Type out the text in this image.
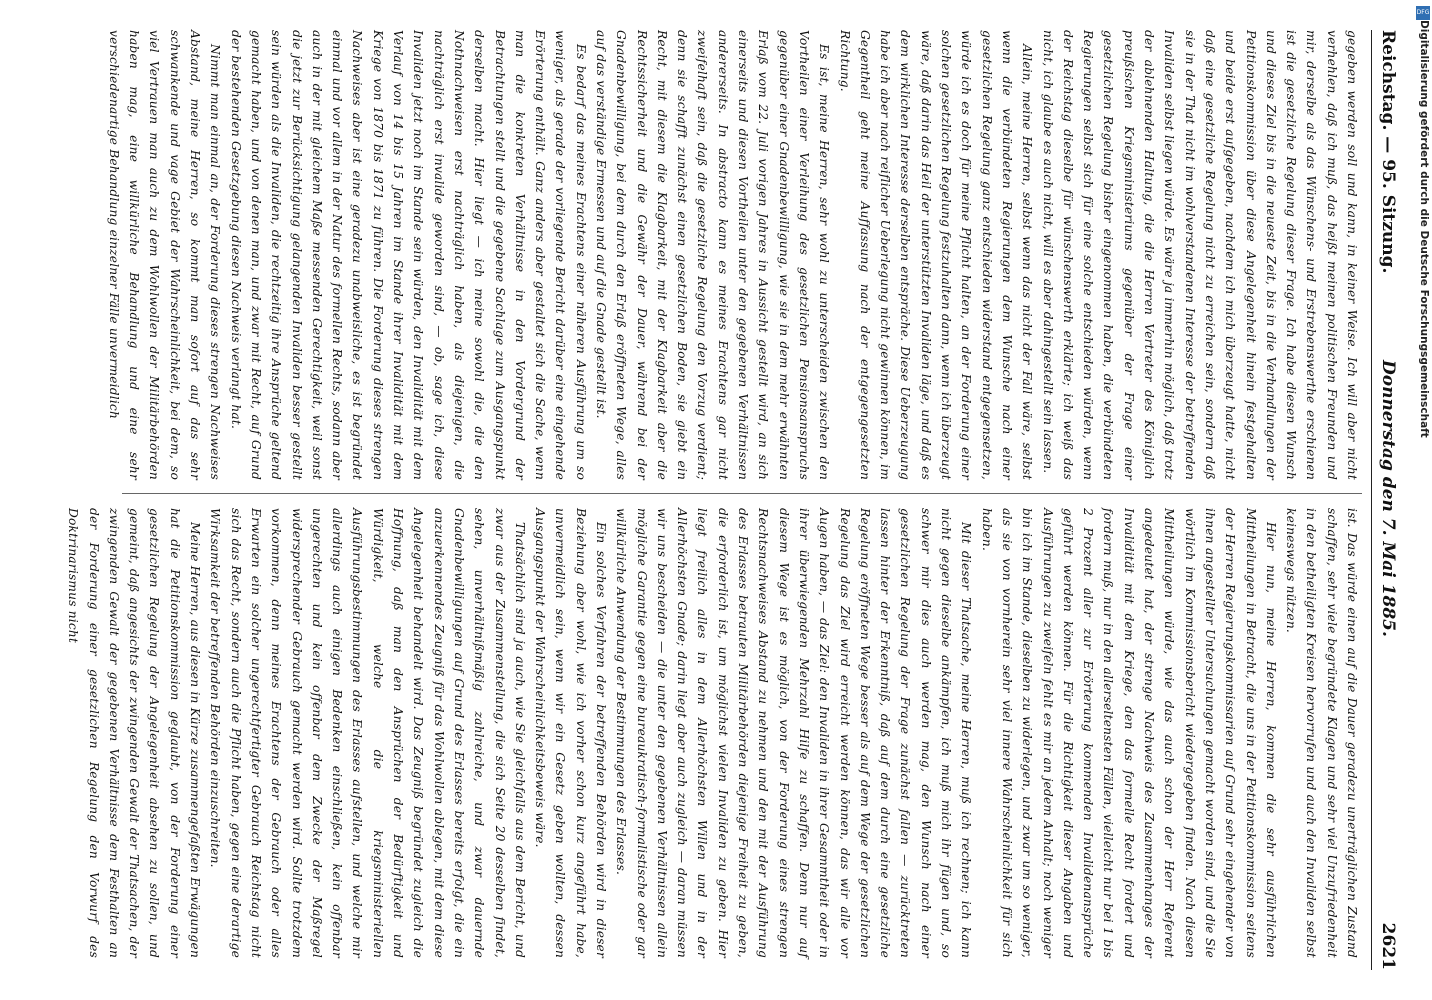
DFG
Digitalisierung gefördert durch die Deutsche Forschungsgemeinschaft
Reichstag. — 95. Sitzung.
Donnerstag den 7. Mai 1885.
2621

gegeben werden soll und kann, in keiner Weise. Ich will aber nicht verhehlen, daß ich muß, das heißt meinen politischen Freunden und mir, derselbe als das Wünschens- und Erstrebenswerthe erschienen ist die gesetzliche Regelung dieser Frage. Ich habe diesen Wunsch und dieses Ziel bis in die neueste Zeit, bis in die Verhandlungen der Petitionskommission über diese Angelegenheit hinein festgehalten und beide erst aufgegeben, nachdem ich mich überzeugt hatte, nicht daß eine gesetzliche Regelung nicht zu erreichen sein, sondern daß sie in der That nicht im wohlverstandenen Interesse der betreffenden Invaliden selbst liegen würde. Es wäre ja immerhin möglich, daß trotz der ablehnenden Haltung, die die Herren Vertreter des Königlich preußischen Kriegsministeriums gegenüber der Frage einer gesetzlichen Regelung bisher eingenommen haben, die verbündeten Regierungen selbst sich für eine solche entschieden würden, wenn der Reichstag dieselbe für wünschenswerth erklärte; ich weiß das nicht, ich glaube es auch nicht, will es aber dahingestellt sein lassen.

Allein, meine Herren, selbst wenn das nicht der Fall wäre, selbst wenn die verbündeten Regierungen dem Wunsche nach einer gesetzlichen Regelung ganz entschieden widerstand entgegensetzen, würde ich es doch für meine Pflicht halten, an der Forderung einer solchen gesetzlichen Regelung festzuhalten dann, wenn ich überzeugt wäre, daß darin das Heil der unterstützten Invaliden läge, und daß es dem wirklichen Interesse derselben entspräche. Diese Ueberzeugung habe ich aber nach reiflicher Ueberlegung nicht gewinnen können, im Gegentheil geht meine Auffassung nach der entgegengesetzten Richtung.

Es ist, meine Herren, sehr wohl zu unterscheiden zwischen den Vortheilen einer Verleihung des gesetzlichen Pensionsanspruchs gegenüber einer Gnadenbewilligung, wie sie in dem mehr erwähnten Erlaß vom 22. Juli vorigen Jahres in Aussicht gestellt wird, an sich einerseits und diesen Vortheilen unter den gegebenen Verhältnissen andererseits. In abstracto kann es meines Erachtens gar nicht zweifelhaft sein, daß die gesetzliche Regelung den Vorzug verdient; denn sie schafft zunächst einen gesetzlichen Boden, sie giebt ein Recht, mit diesem die Klagbarkeit, mit der Klagbarkeit aber die Rechtssicherheit und die Gewähr der Dauer, während bei der Gnadenbewilligung, bei dem durch den Erlaß eröffneten Wege, alles auf das verständige Ermessen und auf die Gnade gestellt ist.

Es bedarf das meines Erachtens einer näheren Ausführung um so weniger, als gerade der vorliegende Bericht darüber eine eingehende Erörterung enthält. Ganz anders aber gestaltet sich die Sache, wenn man die konkreten Verhältnisse in den Vordergrund der Betrachtungen stellt und die gegebene Sachlage zum Ausgangspunkt derselben macht. Hier liegt — ich meine sowohl die, die den Nothnachweisen erst nachträglich haben, als diejenigen, die nachträglich erst invalide geworden sind, — ob, sage ich, diese Invaliden jetzt noch im Stande sein würden, den Invalidität mit dem Verlauf von 14 bis 15 Jahren im Stande ihrer Invalidität mit dem Kriege von 1870 bis 1871 zu führen. Die Forderung dieses strengen Nachweises aber ist eine geradezu unabweisliche, es ist begründet einmal und vor allem in der Natur des formellen Rechts, sodann aber auch in der mit gleichem Maße messenden Gerechtigkeit, weil sonst die jetzt zur Berücksichtigung gelangenden Invaliden besser gestellt sein würden als die Invaliden, die rechtzeitig ihre Ansprüche geltend gemacht haben, und von denen man, und zwar mit Recht, auf Grund der bestehenden Gesetzgebung diesen Nachweis verlangt hat.

Nimmt man einmal an, der Forderung dieses strengen Nachweises Abstand, meine Herren, so kommt man sofort auf das sehr schwankende und vage Gebiet der Wahrscheinlichkeit, bei dem, so viel Vertrauen man auch zu dem Wohlwollen der Militärbehörden haben mag, eine willkürliche Behandlung und eine sehr verschiedenartige Behandlung einzelner Fälle unvermeidlich

ist. Das würde einen auf die Dauer geradezu unerträglichen Zustand schaffen, sehr viele begründete Klagen und sehr viel Unzufriedenheit in den betheiligten Kreisen hervorrufen und auch den Invaliden selbst keineswegs nützen.

Hier nun, meine Herren, kommen die sehr ausführlichen Mittheilungen in Betracht, die uns in der Petitionskommission seitens der Herren Regierungskommissarien auf Grund sehr eingehender von ihnen angestellter Untersuchungen gemacht worden sind, und die Sie wörtlich im Kommissionsbericht wiedergegeben finden. Nach diesen Mittheilungen würde, wie das auch schon der Herr Referent angedeutet hat, der strenge Nachweis des Zusammenhanges der Invalidität mit dem Kriege, den das formelle Recht fordert und fordern muß, nur in den allerseltensten Fällen, vielleicht nur bei 1 bis 2 Prozent aller zur Erörterung kommenden Invalidenansprüche geführt werden können. Für die Richtigkeit dieser Angaben und Ausführungen zu zweifeln fehlt es mir an jedem Anhalt; noch weniger bin ich im Stande, dieselben zu widerlegen, und zwar um so weniger, als sie von vornherein sehr viel innere Wahrscheinlichkeit für sich haben.

Mit dieser Thatsache, meine Herren, muß ich rechnen; ich kann nicht gegen dieselbe ankämpfen, ich muß mich ihr fügen und, so schwer mir dies auch werden mag, den Wunsch nach einer gesetzlichen Regelung der Frage zunächst fallen — zurücktreten lassen hinter der Erkenntniß, daß auf dem durch eine gesetzliche Regelung eröffneten Wege besser als auf dem Wege der gesetzlichen Regelung das Ziel wird erreicht werden können, das wir alle vor Augen haben, — das Ziel: den Invaliden in ihrer Gesammtheit oder in ihrer überwiegenden Mehrzahl Hilfe zu schaffen. Denn nur auf diesem Wege ist es möglich, von der Forderung eines strengen Rechtsnachweises Abstand zu nehmen und den mit der Ausführung des Erlasses betrauten Militärbehörden diejenige Freiheit zu geben, die erforderlich ist, um möglichst vielen Invaliden zu geben. Hier liegt freilich alles in dem Allerhöchsten Willen und in der Allerhöchsten Gnade; darin liegt aber auch zugleich — daran müssen wir uns bescheiden — die unter den gegebenen Verhältnissen allein mögliche Garantie gegen eine bureaukratisch-formalistische oder gar willkürliche Anwendung der Bestimmungen des Erlasses.

Ein solches Verfahren der betreffenden Behörden wird in dieser Beziehung aber wohl, wie ich vorher schon kurz angeführt habe, unvermeidlich sein, wenn wir ein Gesetz geben wollten, dessen Ausgangspunkt der Wahrscheinlichkeitsbeweis wäre.

Thatsächlich sind ja auch, wie Sie gleichfalls aus dem Bericht, und zwar aus der Zusammenstellung, die sich Seite 20 desselben findet, sehen, unverhältnißmäßig zahlreiche, und zwar dauernde Gnadenbewilligungen auf Grund des Erlasses bereits erfolgt, die ein anzuerkennendes Zeugniß für das Wohlwollen ablegen, mit dem diese Angelegenheit behandelt wird. Das Zeugniß begründet zugleich die Hoffnung, daß man den Ansprüchen der Bedürftigkeit und Würdigkeit, welche die kriegsministeriellen Ausführungsbestimmungen des Erlasses aufstellen, und welche mir allerdings auch einigen Bedenken einschließen, kein offenbar ungerechten und kein offenbar dem Zwecke der Maßregel widersprechender Gebrauch gemacht werden wird. Sollte trotzdem vorkommen, denn meines Erachtens der Gebrauch oder alles Erwarten ein solcher ungerechtfertigter Gebrauch Reichstag nicht sich das Recht, sondern auch die Pflicht haben, gegen eine derartige Wirksamkeit der betreffenden Behörden einzuschreiten.

Meine Herren, aus diesen in Kürze zusammengefaßten Erwägungen hat die Petitionskommission geglaubt, von der Forderung einer gesetzlichen Regelung der Angelegenheit absehen zu sollen, und gemeint, daß angesichts der zwingenden Gewalt der Thatsachen, der zwingenden Gewalt der gegebenen Verhältnisse dem Festhalten an der Forderung einer gesetzlichen Regelung den Vorwurf des Doktrinarismus nicht
